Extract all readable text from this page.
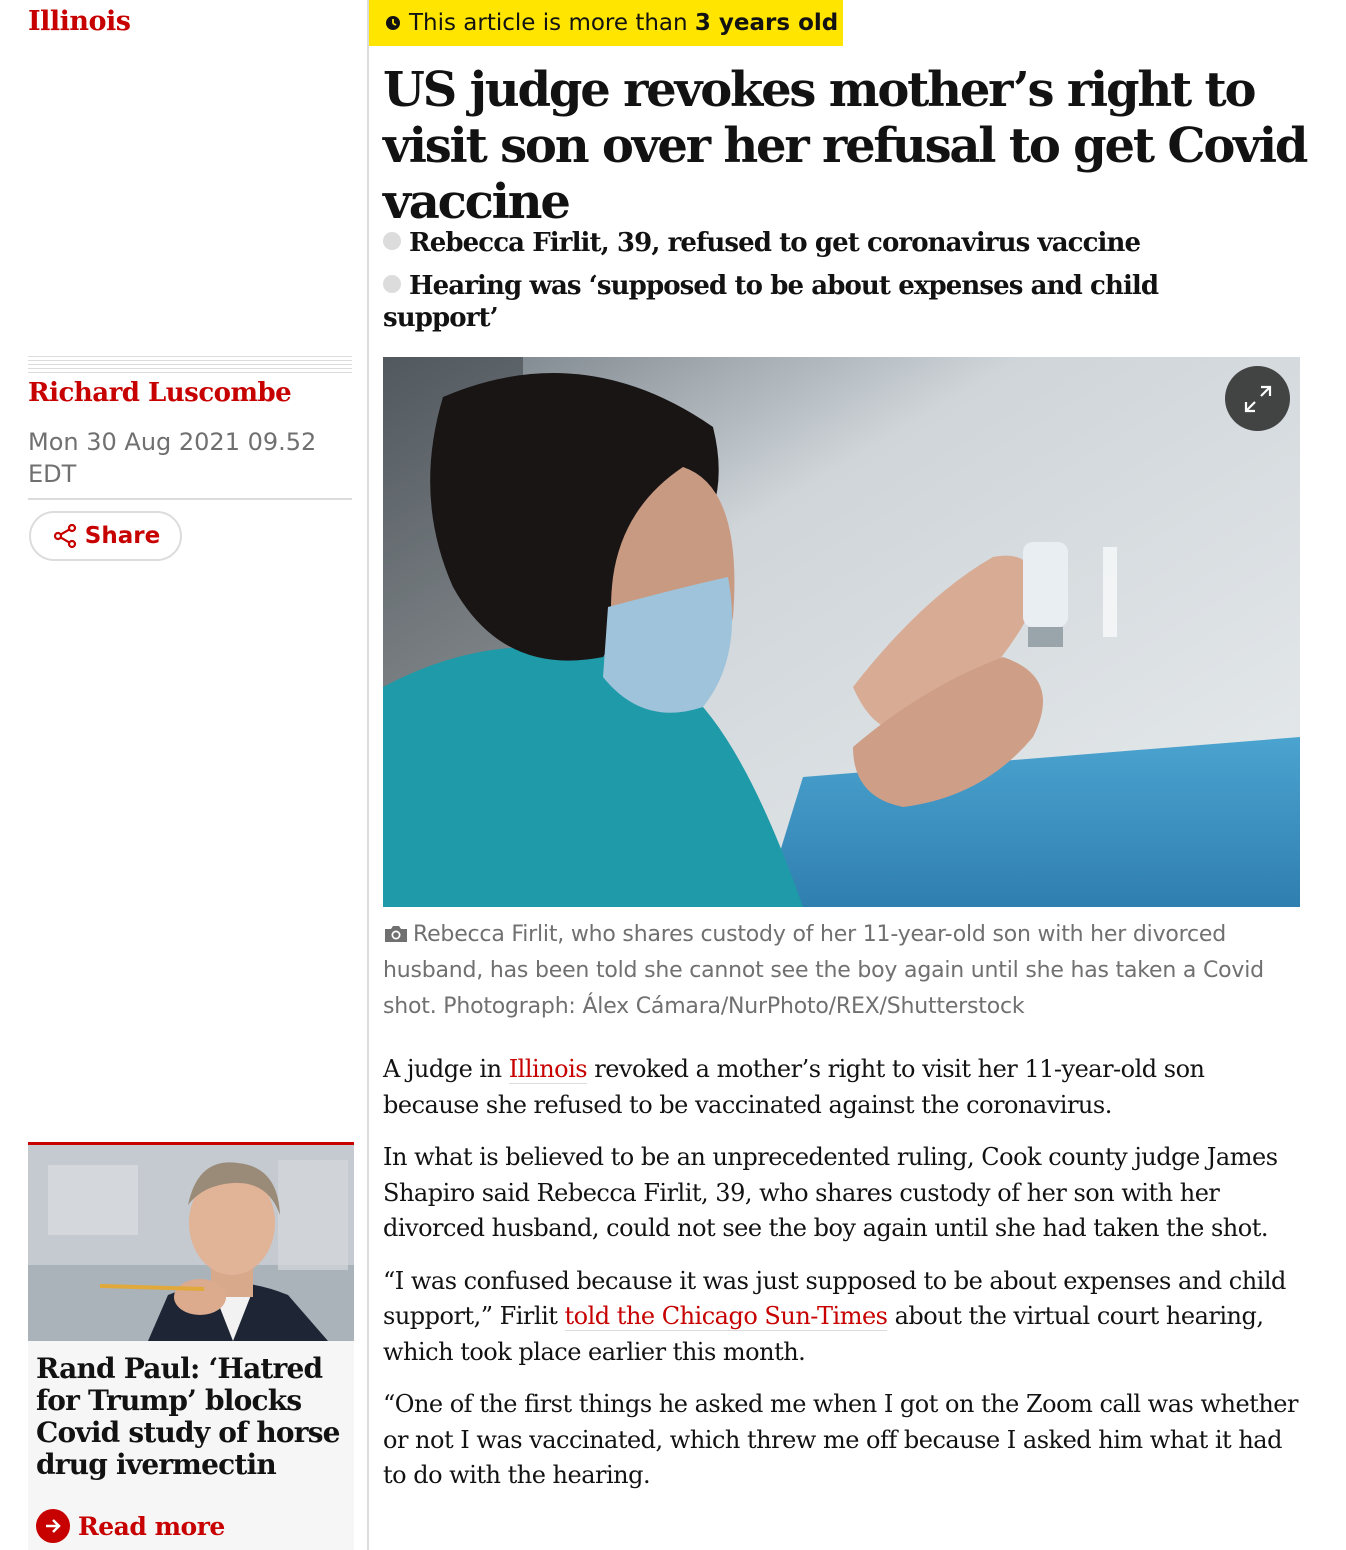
Illinois
Richard Luscombe
Mon 30 Aug 2021 09.52 EDT
Share
Rand Paul: ‘Hatred for Trump’ blocks Covid study of horse drug ivermectin
Read more
This article is more than 3 years old
US judge revokes mother’s right to visit son over her refusal to get Covid vaccine
Rebecca Firlit, 39, refused to get coronavirus vaccine
Hearing was ‘supposed to be about expenses and child support’
Rebecca Firlit, who shares custody of her 11-year-old son with her divorced husband, has been told she cannot see the boy again until she has taken a Covid shot. Photograph: Álex Cámara/NurPhoto/REX/Shutterstock

A judge in Illinois revoked a mother’s right to visit her 11-year-old son because she refused to be vaccinated against the coronavirus.

In what is believed to be an unprecedented ruling, Cook county judge James Shapiro said Rebecca Firlit, 39, who shares custody of her son with her divorced husband, could not see the boy again until she had taken the shot.

“I was confused because it was just supposed to be about expenses and child support,” Firlit told the Chicago Sun-Times about the virtual court hearing, which took place earlier this month.

“One of the first things he asked me when I got on the Zoom call was whether or not I was vaccinated, which threw me off because I asked him what it had to do with the hearing.
